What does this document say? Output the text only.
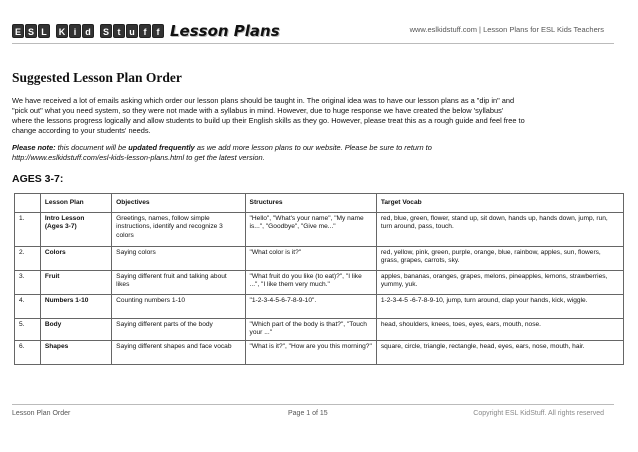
E S L	K i	d	S t u f	f Lesson Plans	www.eslkidstuff.com | Lesson Plans for ESL Kids Teachers
Suggested Lesson Plan Order
We have received a lot of emails asking which order our lesson plans should be taught in. The original idea was to have our lesson plans as a "dip in" and
"pick out" what you need system, so they were not made with a syllabus in mind. However, due to huge response we have created the below 'syllabus'
where the lessons progress logically and allow students to build up their English skills as they go. However, please treat this as a rough guide and feel free to
change according to your students' needs.
Please note: this document will be updated frequently as we add more lesson plans to our website. Please be sure to return to
http://www.eslkidstuff.com/esl-kids-lesson-plans.html to get the latest version.
AGES 3-7:
	Lesson Plan	Objectives	Structures	Target Vocab
1.	Intro Lesson
(Ages 3-7)	Greetings, names, follow simple instructions, identify and recognize 3 colors	"Hello", "What's your name", "My name is...", "Goodbye", "Give me..."	red, blue, green, flower, stand up, sit down, hands up, hands down, jump, run, turn around, pass, touch.
2.	Colors	Saying colors	"What color is it?"	red, yellow, pink, green, purple, orange, blue, rainbow, apples, sun, flowers, grass, grapes, carrots, sky.
3.	Fruit	Saying different fruit and talking about likes	"What fruit do you like (to eat)?", "I like ...", "I like them very much."	apples, bananas, oranges, grapes, melons, pineapples, lemons, strawberries, yummy, yuk.
4.	Numbers 1-10	Counting numbers 1-10	"1-2-3-4-5-6-7-8-9-10".	1-2-3-4-5 -6-7-8-9-10, jump, turn around, clap your hands, kick, wiggle.
5.	Body	Saying different parts of the body	"Which part of the body is that?", "Touch your ..."	head, shoulders, knees, toes, eyes, ears, mouth, nose.
6.	Shapes	Saying different shapes and face vocab	"What is it?", "How are you this morning?"	square, circle, triangle, rectangle, head, eyes, ears, nose, mouth, hair.
Lesson Plan Order	Page 1 of 15	Copyright ESL KidStuff. All rights reserved
